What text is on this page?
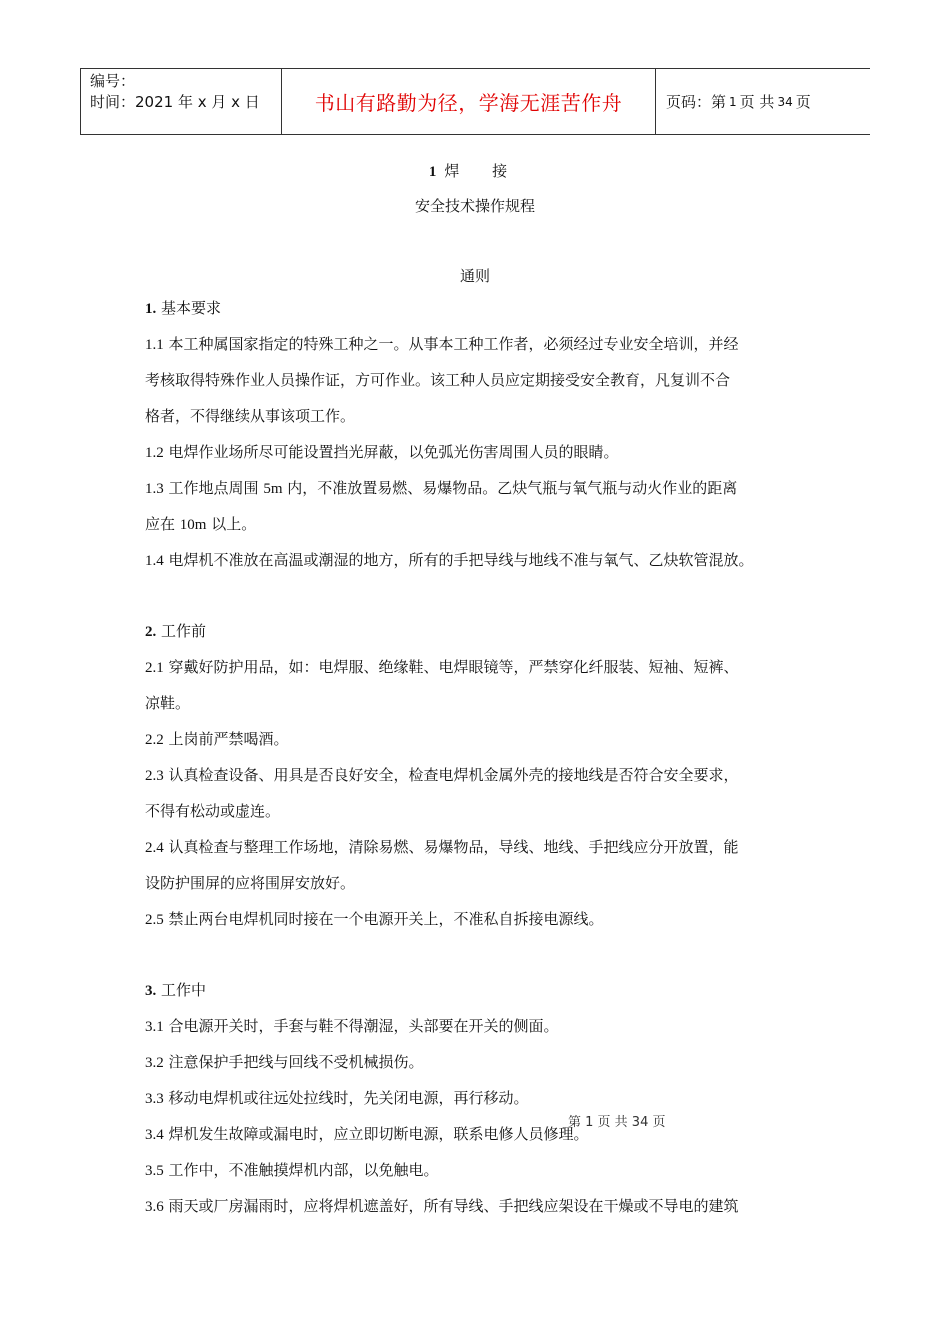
编号：
时间：2021 年 x 月 x 日	书山有路勤为径，学海无涯苦作舟	页码：第 1 页 共 34 页
1 焊 接
安全技术操作规程
通则
1. 基本要求
1.1 本工种属国家指定的特殊工种之一。从事本工种工作者，必须经过专业安全培训，并经
考核取得特殊作业人员操作证，方可作业。该工种人员应定期接受安全教育，凡复训不合
格者，不得继续从事该项工作。
1.2 电焊作业场所尽可能设置挡光屏蔽，以免弧光伤害周围人员的眼睛。
1.3 工作地点周围 5m 内，不准放置易燃、易爆物品。乙炔气瓶与氧气瓶与动火作业的距离
应在 10m 以上。
1.4 电焊机不准放在高温或潮湿的地方，所有的手把导线与地线不准与氧气、乙炔软管混放。
2. 工作前
2.1 穿戴好防护用品，如：电焊服、绝缘鞋、电焊眼镜等，严禁穿化纤服装、短袖、短裤、
凉鞋。
2.2 上岗前严禁喝酒。
2.3 认真检查设备、用具是否良好安全，检查电焊机金属外壳的接地线是否符合安全要求，
不得有松动或虚连。
2.4 认真检查与整理工作场地，清除易燃、易爆物品，导线、地线、手把线应分开放置，能
设防护围屏的应将围屏安放好。
2.5 禁止两台电焊机同时接在一个电源开关上，不准私自拆接电源线。
3. 工作中
3.1 合电源开关时，手套与鞋不得潮湿，头部要在开关的侧面。
3.2 注意保护手把线与回线不受机械损伤。
3.3 移动电焊机或往远处拉线时，先关闭电源，再行移动。
3.4 焊机发生故障或漏电时，应立即切断电源，联系电修人员修理。
3.5 工作中，不准触摸焊机内部，以免触电。
3.6 雨天或厂房漏雨时，应将焊机遮盖好，所有导线、手把线应架设在干燥或不导电的建筑
第 1 页 共 34 页
